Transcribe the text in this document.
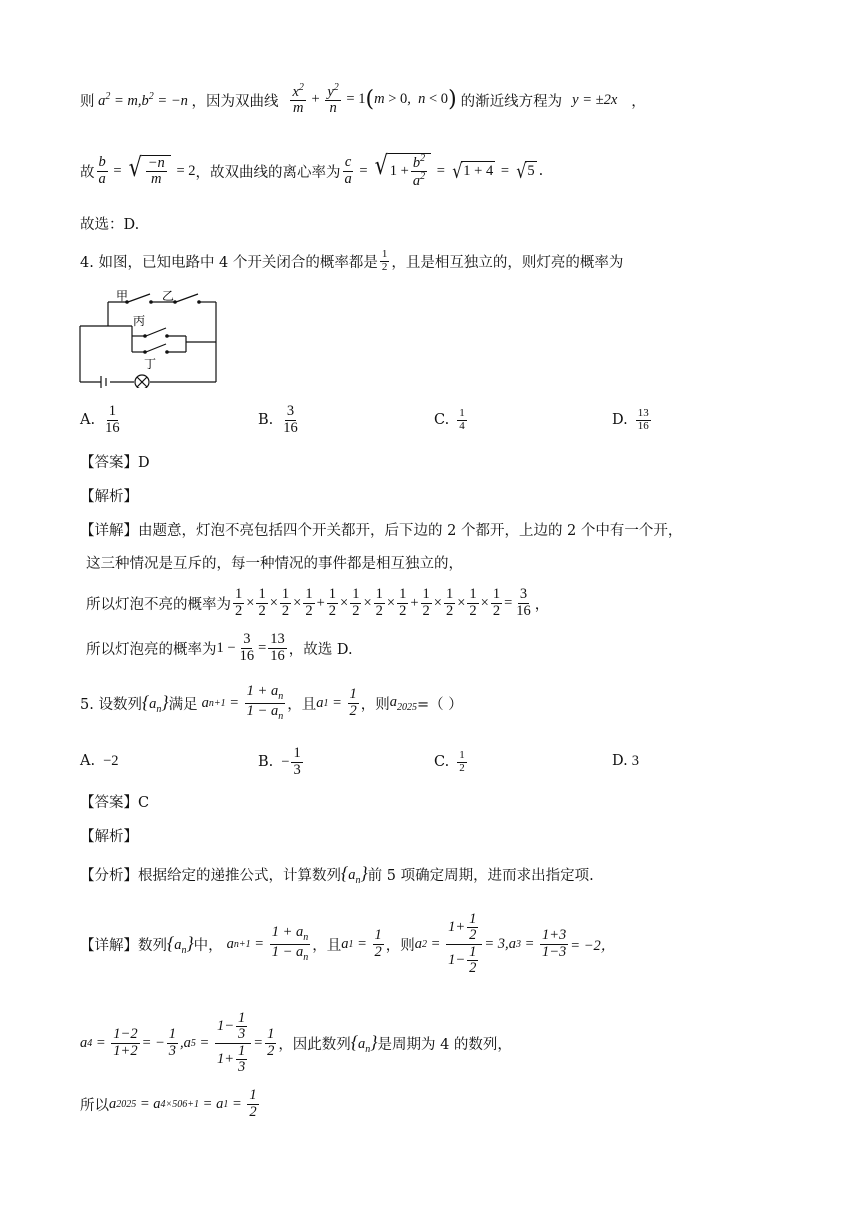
则 $a^2 = m,b^2 = -n$ ，因为双曲线 $\frac{x^2}{m} + \frac{y^2}{n} = 1$ ( m > 0, n < 0 ) 的渐近线方程为 y = ±2x ，
故 $\frac{b}{a}$ = √ $\frac{-n}{m} = 2$ ，故双曲线的离心率为 $\frac{c}{a}$ = √ $1 + \frac{b^2}{a^2}$ = √ 1 + 4 = √ 5 .
故选：D.
4. 如图，已知电路中 4 个开关闭合的概率都是 $\frac{1}{2}$ ，且是相互独立的，则灯亮的概率为
甲	乙
丙
丁
A. $\frac{1}{16}$	B. $\frac{3}{16}$	C. $\frac{1}{4}$	D. $\frac{13}{16}$
【答案】D
【解析】
【详解】由题意，灯泡不亮包括四个开关都开，后下边的 2 个都开，上边的 2 个中有一个开，
这三种情况是互斥的，每一种情况的事件都是相互独立的，
所以灯泡不亮的概率为 $\frac{1}{2} \times \frac{1}{2} \times \frac{1}{2} \times \frac{1}{2} + \frac{1}{2} \times \frac{1}{2} \times \frac{1}{2} \times \frac{1}{2} + \frac{1}{2} \times \frac{1}{2} \times \frac{1}{2} \times \frac{1}{2} = \frac{3}{16}$ ，
所以灯泡亮的概率为 $1 - \frac{3}{16} = \frac{13}{16}$ ，故选 D.
5. 设数列 $\{a_n\}$ 满足 a $n+1 = \frac{1 + a_n}{1 - a_n}$ ，且 a $1 = \frac{1}{2}$ ，则 $a_{2025}$ =（ ）
A. −2	B. − $\frac{1}{3}$	C. $\frac{1}{2}$	D. 3
【答案】C
【解析】
【分析】根据给定的递推公式，计算数列 $\{a_n\}$ 前 5 项确定周期，进而求出指定项.
【详解】数列 $\{a_n\}$ 中， a $n+1 = \frac{1 + a_n}{1 - a_n}$ ，且 a $1 = \frac{1}{2}$ ，则 a $2 = \frac{1+ \frac{1}{2}}{1- \frac{1}{2}} = 3$, a $3 = \frac{1+3}{1-3} = -2$，
a $4 = \frac{1-2}{1+2}$ = − $\frac{1}{3}$ , a $5 = \frac{1- \frac{1}{3}}{1+ \frac{1}{3}} = \frac{1}{2}$ ，因此数列 $\{a_n\}$ 是周期为 4 的数列，
所以 a 2025 = a 4×506+1 = a $1 = \frac{1}{2}$
